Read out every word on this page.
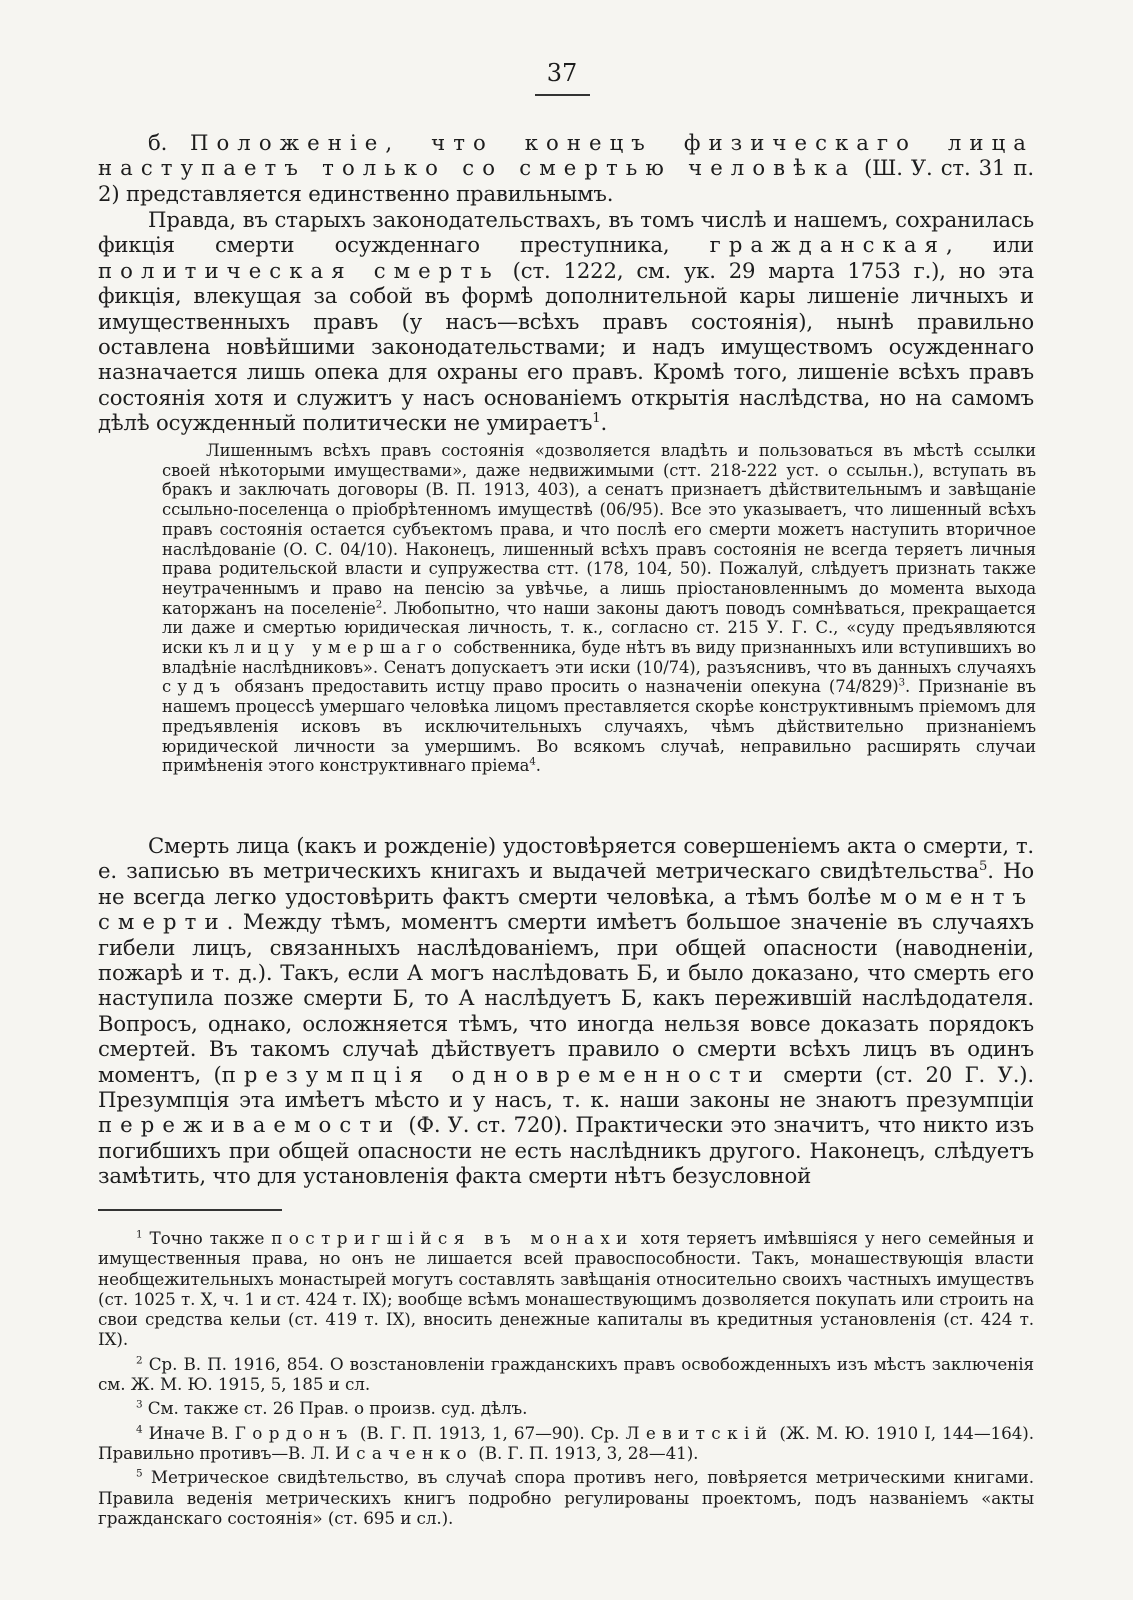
37

б. Положеніе, что конецъ физическаго лица наступаетъ только со смертью человѣка (Ш. У. ст. 31 п. 2) представляется единственно правильнымъ.

Правда, въ старыхъ законодательствахъ, въ томъ числѣ и нашемъ, сохранилась фикція смерти осужденнаго преступника, гражданская, или политическая смерть (ст. 1222, см. ук. 29 марта 1753 г.), но эта фикція, влекущая за собой въ формѣ дополнительной кары лишеніе личныхъ и имущественныхъ правъ (у насъ—всѣхъ правъ состоянія), нынѣ правильно оставлена новѣйшими законодательствами; и надъ имуществомъ осужденнаго назначается лишь опека для охраны его правъ. Кромѣ того, лишеніе всѣхъ правъ состоянія хотя и служитъ у насъ основаніемъ открытія наслѣдства, но на самомъ дѣлѣ осужденный политически не умираетъ$^1$.

Лишеннымъ всѣхъ правъ состоянія «дозволяется владѣть и пользоваться въ мѣстѣ ссылки своей нѣкоторыми имуществами», даже недвижимыми (стт. 218-222 уст. о ссыльн.), вступать въ бракъ и заключать договоры (В. П. 1913, 403), а сенатъ признаетъ дѣйствительнымъ и завѣщаніе ссыльно-поселенца о пріобрѣтенномъ имуществѣ (06/95). Все это указываетъ, что лишенный всѣхъ правъ состоянія остается субъектомъ права, и что послѣ его смерти можетъ наступить вторичное наслѣдованіе (О. С. 04/10). Наконецъ, лишенный всѣхъ правъ состоянія не всегда теряетъ личныя права родительской власти и супружества стт. (178, 104, 50). Пожалуй, слѣдуетъ признать также неутраченнымъ и право на пенсію за увѣчье, а лишь пріостановленнымъ до момента выхода каторжанъ на поселеніе$^2$. Любопытно, что наши законы даютъ поводъ сомнѣваться, прекращается ли даже и смертью юридическая личность, т. к., согласно ст. 215 У. Г. С., «суду предъявляются иски къ лицу умершаго собственника, буде нѣтъ въ виду признанныхъ или вступившихъ во владѣніе наслѣдниковъ». Сенатъ допускаетъ эти иски (10/74), разъяснивъ, что въ данныхъ случаяхъ судъ обязанъ предоставить истцу право просить о назначеніи опекуна $(74/829)^3$. Признаніе въ нашемъ процессѣ умершаго человѣка лицомъ преставляется скорѣе конструктивнымъ пріемомъ для предъявленія исковъ въ исключительныхъ случаяхъ, чѣмъ дѣйствительно признаніемъ юридической личности за умершимъ. Во всякомъ случаѣ, неправильно расширять случаи примѣненія этого конструктивнаго пріема$^4$.

Смерть лица (какъ и рожденіе) удостовѣряется совершеніемъ акта о смерти, т. е. записью въ метрическихъ книгахъ и выдачей метрическаго свидѣтельства$^5$. Но не всегда легко удостовѣрить фактъ смерти человѣка, а тѣмъ болѣе моментъ смерти. Между тѣмъ, моментъ смерти имѣетъ большое значеніе въ случаяхъ гибели лицъ, связанныхъ наслѣдованіемъ, при общей опасности (наводненіи, пожарѣ и т. д.). Такъ, если А могъ наслѣдовать Б, и было доказано, что смерть его наступила позже смерти Б, то А наслѣдуетъ Б, какъ пережившій наслѣдодателя. Вопросъ, однако, осложняется тѣмъ, что иногда нельзя вовсе доказать порядокъ смертей. Въ такомъ случаѣ дѣйствуетъ правило о смерти всѣхъ лицъ въ одинъ моментъ, (презумпція одновременности смерти (ст. 20 Г. У.). Презумпція эта имѣетъ мѣсто и у насъ, т. к. наши законы не знаютъ презумпціи переживаемости (Ф. У. ст. 720). Практически это значитъ, что никто изъ погибшихъ при общей опасности не есть наслѣдникъ другого. Наконецъ, слѣдуетъ замѣтить, что для установленія факта смерти нѣтъ безусловной

$^1$ Точно также постригшійся въ монахи хотя теряетъ имѣвшіяся у него семейныя и имущественныя права, но онъ не лишается всей правоспособности. Такъ, монашествующія власти необщежительныхъ монастырей могутъ составлять завѣщанія относительно своихъ частныхъ имуществъ (ст. 1025 т. X, ч. 1 и ст. 424 т. IX); вообще всѣмъ монашествующимъ дозволяется покупать или строить на свои средства кельи (ст. 419 т. IX), вносить денежные капиталы въ кредитныя установленія (ст. 424 т. IX).

$^2$ Ср. В. П. 1916, 854. О возстановленіи гражданскихъ правъ освобожденныхъ изъ мѣстъ заключенія см. Ж. М. Ю. 1915, 5, 185 и сл.

$^3$ См. также ст. 26 Прав. о произв. суд. дѣлъ.

$^4$ Иначе В. Гордонъ (В. Г. П. 1913, 1, 67—90). Ср. Левитскій (Ж. М. Ю. 1910 I, 144—164). Правильно противъ—В. Л. Исаченко (В. Г. П. 1913, 3, 28—41).

$^5$ Метрическое свидѣтельство, въ случаѣ спора противъ него, повѣряется метрическими книгами. Правила веденія метрическихъ книгъ подробно регулированы проектомъ, подъ названіемъ «акты гражданскаго состоянія» (ст. 695 и сл.).
